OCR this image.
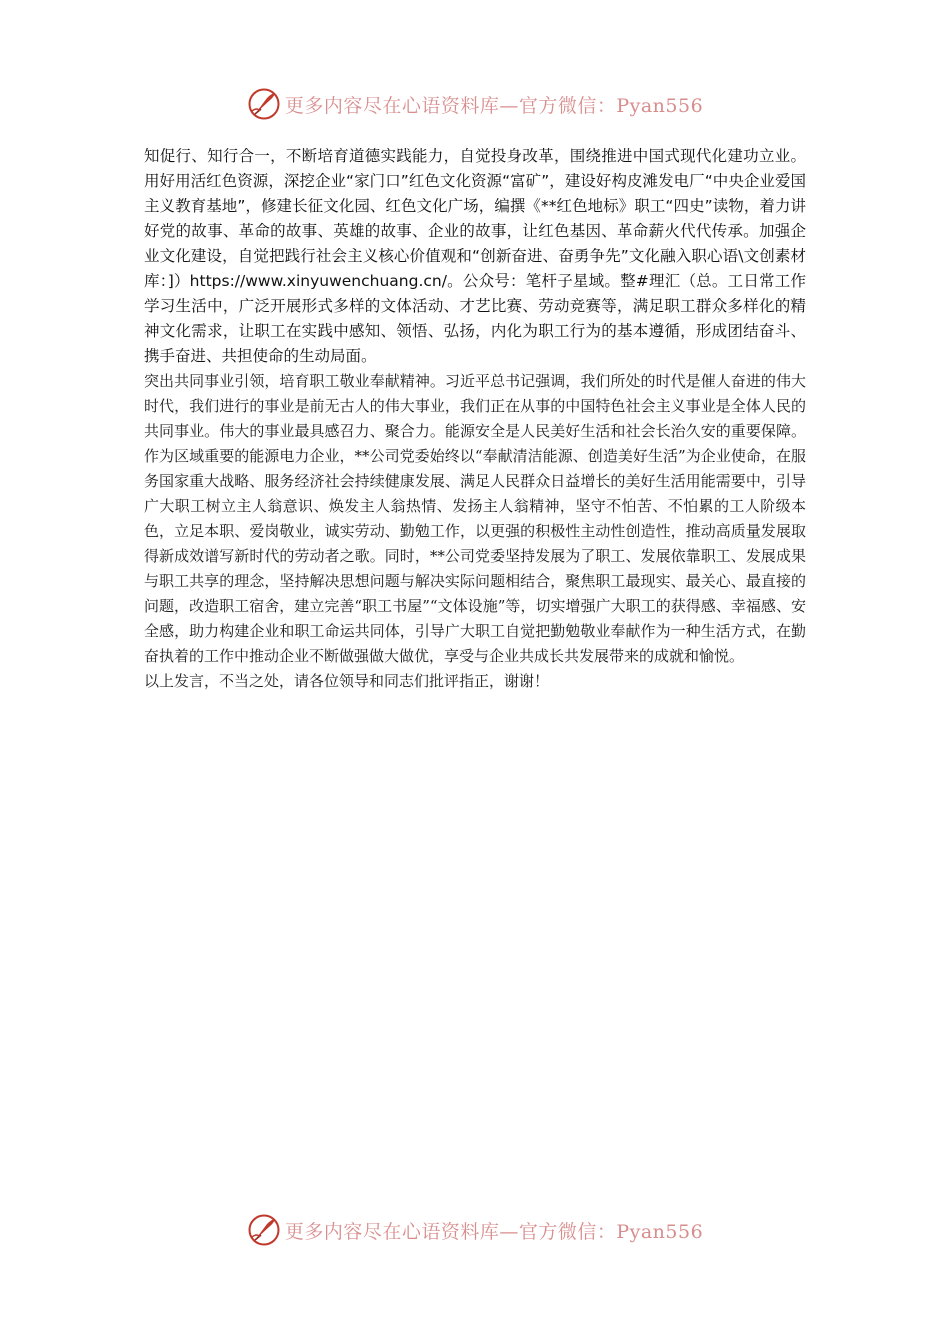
更多内容尽在心语资料库—官方微信：Pyan556

知促行、知行合一，不断培育道德实践能力，自觉投身改革，围绕推进中国式现代化建功立业。用好用活红色资源，深挖企业“家门口”红色文化资源“富矿”，建设好构皮滩发电厂“中央企业爱国主义教育基地”，修建长征文化园、红色文化广场，编撰《**红色地标》职工“四史”读物，着力讲好党的故事、革命的故事、英雄的故事、企业的故事，让红色基因、革命薪火代代传承。加强企业文化建设，自觉把践行社会主义核心价值观和“创新奋进、奋勇争先”文化融入职心语\文创素材库：]）https://www.xinyuwenchuang.cn/。公众号：笔杆子星域。整#理汇（总。工日常工作学习生活中，广泛开展形式多样的文体活动、才艺比赛、劳动竞赛等，满足职工群众多样化的精神文化需求，让职工在实践中感知、领悟、弘扬，内化为职工行为的基本遵循，形成团结奋斗、携手奋进、共担使命的生动局面。

突出共同事业引领，培育职工敬业奉献精神。习近平总书记强调，我们所处的时代是催人奋进的伟大时代，我们进行的事业是前无古人的伟大事业，我们正在从事的中国特色社会主义事业是全体人民的共同事业。伟大的事业最具感召力、聚合力。能源安全是人民美好生活和社会长治久安的重要保障。作为区域重要的能源电力企业，**公司党委始终以“奉献清洁能源、创造美好生活”为企业使命，在服务国家重大战略、服务经济社会持续健康发展、满足人民群众日益增长的美好生活用能需要中，引导广大职工树立主人翁意识、焕发主人翁热情、发扬主人翁精神，坚守不怕苦、不怕累的工人阶级本色，立足本职、爱岗敬业，诚实劳动、勤勉工作，以更强的积极性主动性创造性，推动高质量发展取得新成效谱写新时代的劳动者之歌。同时，**公司党委坚持发展为了职工、发展依靠职工、发展成果与职工共享的理念，坚持解决思想问题与解决实际问题相结合，聚焦职工最现实、最关心、最直接的问题，改造职工宿舍，建立完善“职工书屋”“文体设施”等，切实增强广大职工的获得感、幸福感、安全感，助力构建企业和职工命运共同体，引导广大职工自觉把勤勉敬业奉献作为一种生活方式，在勤奋执着的工作中推动企业不断做强做大做优，享受与企业共成长共发展带来的成就和愉悦。

以上发言，不当之处，请各位领导和同志们批评指正，谢谢！

更多内容尽在心语资料库—官方微信：Pyan556
